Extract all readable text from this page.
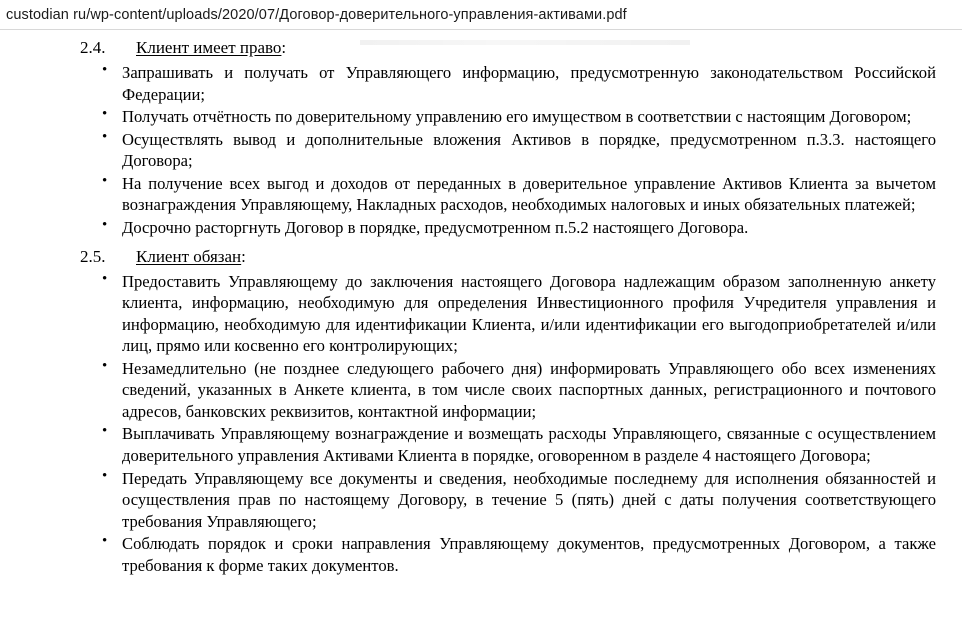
custodian ru/wp-content/uploads/2020/07/Договор-доверительного-управления-активами.pdf
2.4.	Клиент имеет право :
• Запрашивать и получать от Управляющего информацию, предусмотренную законодательством Российской Федерации;
• Получать отчётность по доверительному управлению его имуществом в соответствии с настоящим Договором;
• Осуществлять вывод и дополнительные вложения Активов в порядке, предусмотренном п.3.3. настоящего Договора;
• На получение всех выгод и доходов от переданных в доверительное управление Активов Клиента за вычетом вознаграждения Управляющему, Накладных расходов, необходимых налоговых и иных обязательных платежей;
• Досрочно расторгнуть Договор в порядке, предусмотренном п.5.2 настоящего Договора.
2.5.	Клиент обязан :
• Предоставить Управляющему до заключения настоящего Договора надлежащим образом заполненную анкету клиента, информацию, необходимую для определения Инвестиционного профиля Учредителя управления и информацию, необходимую для идентификации Клиента, и/или идентификации его выгодоприобретателей и/или лиц, прямо или косвенно его контролирующих;
• Незамедлительно (не позднее следующего рабочего дня) информировать Управляющего обо всех изменениях сведений, указанных в Анкете клиента, в том числе своих паспортных данных, регистрационного и почтового адресов, банковских реквизитов, контактной информации;
• Выплачивать Управляющему вознаграждение и возмещать расходы Управляющего, связанные с осуществлением доверительного управления Активами Клиента в порядке, оговоренном в разделе 4 настоящего Договора;
• Передать Управляющему все документы и сведения, необходимые последнему для исполнения обязанностей и осуществления прав по настоящему Договору, в течение 5 (пять) дней с даты получения соответствующего требования Управляющего;
• Соблюдать порядок и сроки направления Управляющему документов, предусмотренных Договором, а также требования к форме таких документов.
